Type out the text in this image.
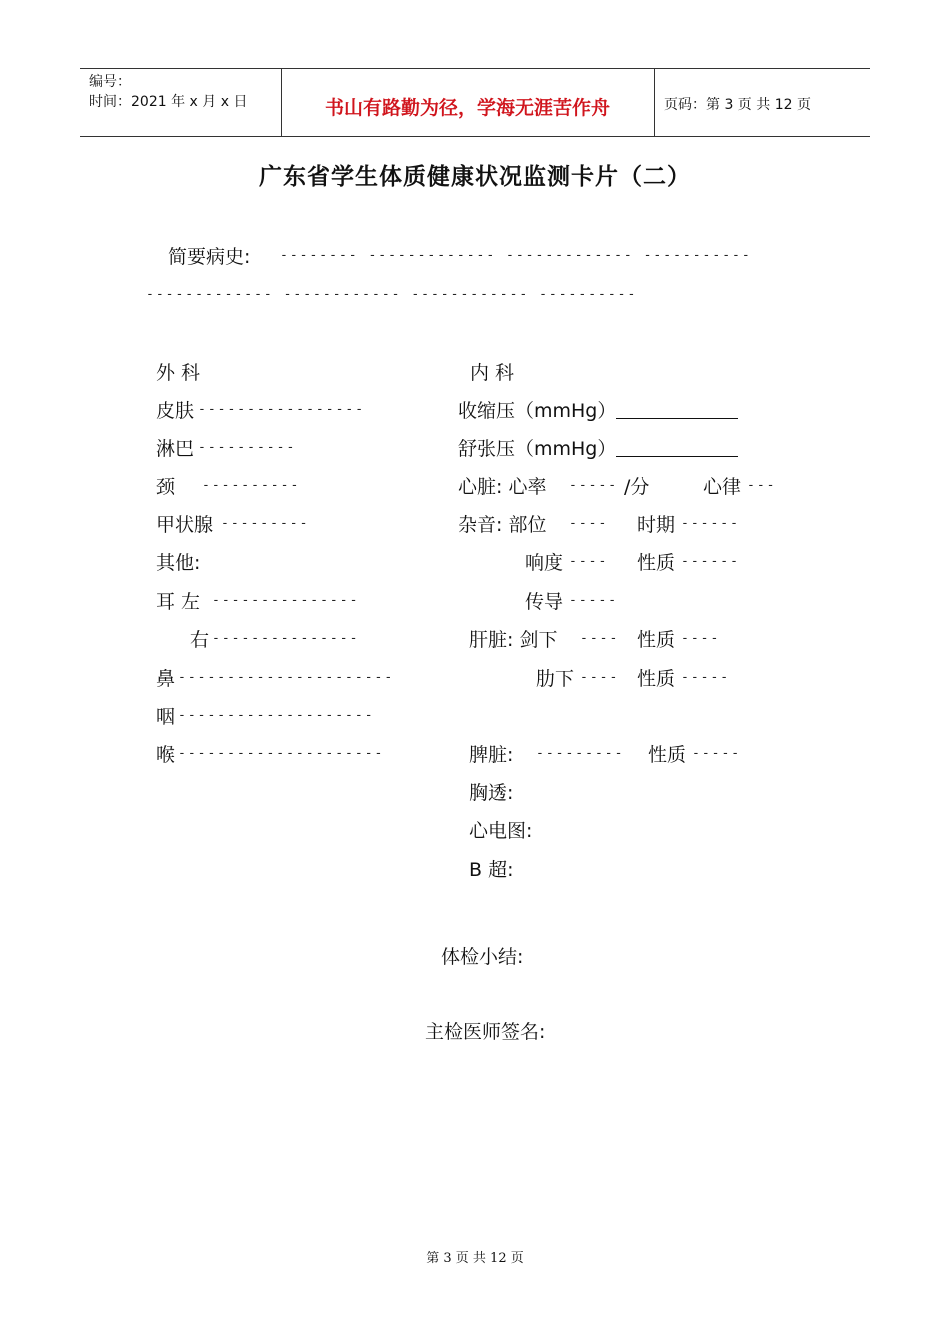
编号：
时间：2021 年 x 月 x 日	书山有路勤为径，学海无涯苦作舟	页码：第 3 页 共 12 页
广东省学生体质健康状况监测卡片（二）
简要病史: -------- ------------- ------------- -----------
------------- ------------ ------------ ----------
外 科
皮肤 -----------------
淋巴 ----------
颈 ----------
甲状腺 ---------
其他:
耳 左 ---------------
右 ---------------
鼻 ----------------------
咽 --------------------
喉 ---------------------
内 科
收缩压（mmHg）
舒张压（mmHg）
心脏: 心率 ----- /分	心律 ---
杂音: 部位 ---- 时期 ------
响度 ---- 性质 ------
传导 -----
肝脏: 剑下 ---- 性质 ----
肋下 ---- 性质 -----
脾脏: --------- 性质 -----
胸透:
心电图:
B 超:
体检小结:
主检医师签名:
第 3 页 共 12 页
